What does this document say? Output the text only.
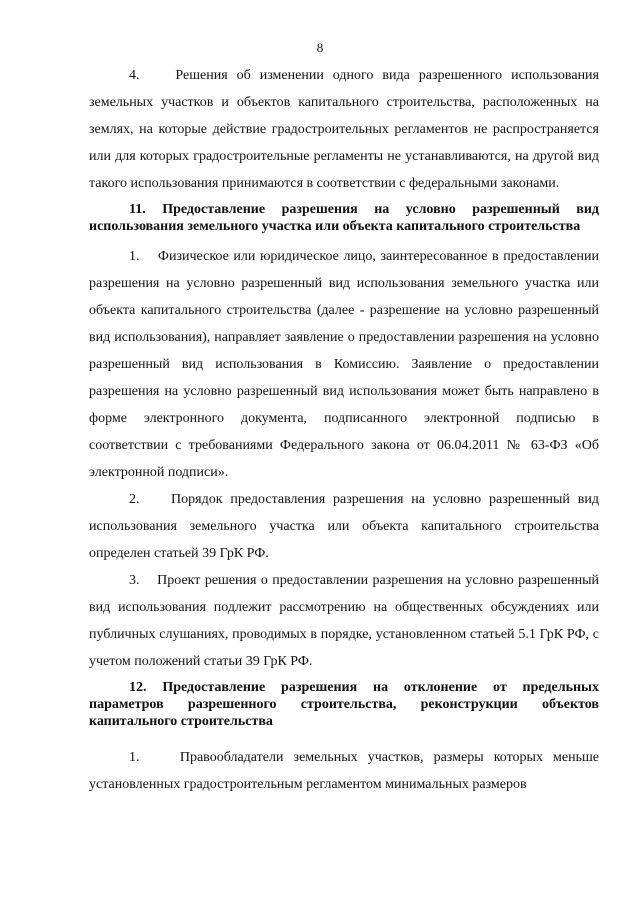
8

4.    Решения об изменении одного вида разрешенного использования земельных участков и объектов капитального строительства, расположенных на землях, на которые действие градостроительных регламентов не распространяется или для которых градостроительные регламенты не устанавливаются, на другой вид такого использования принимаются в соответствии с федеральными законами.

11. Предоставление разрешения на условно разрешенный вид использования земельного участка или объекта капитального строительства

1.    Физическое или юридическое лицо, заинтересованное в предоставлении разрешения на условно разрешенный вид использования земельного участка или объекта капитального строительства (далее - разрешение на условно разрешенный вид использования), направляет заявление о предоставлении разрешения на условно разрешенный вид использования в Комиссию. Заявление о предоставлении разрешения на условно разрешенный вид использования может быть направлено в форме электронного документа, подписанного электронной подписью в соответствии с требованиями Федерального закона от 06.04.2011 № 63-ФЗ «Об электронной подписи».

2.    Порядок предоставления разрешения на условно разрешенный вид использования земельного участка или объекта капитального строительства определен статьей 39 ГрК РФ.

3.    Проект решения о предоставлении разрешения на условно разрешенный вид использования подлежит рассмотрению на общественных обсуждениях или публичных слушаниях, проводимых в порядке, установленном статьей 5.1 ГрК РФ, с учетом положений статьи 39 ГрК РФ.

12. Предоставление разрешения на отклонение от предельных параметров разрешенного строительства, реконструкции объектов капитального строительства

1.    Правообладатели земельных участков, размеры которых меньше установленных градостроительным регламентом минимальных размеров
